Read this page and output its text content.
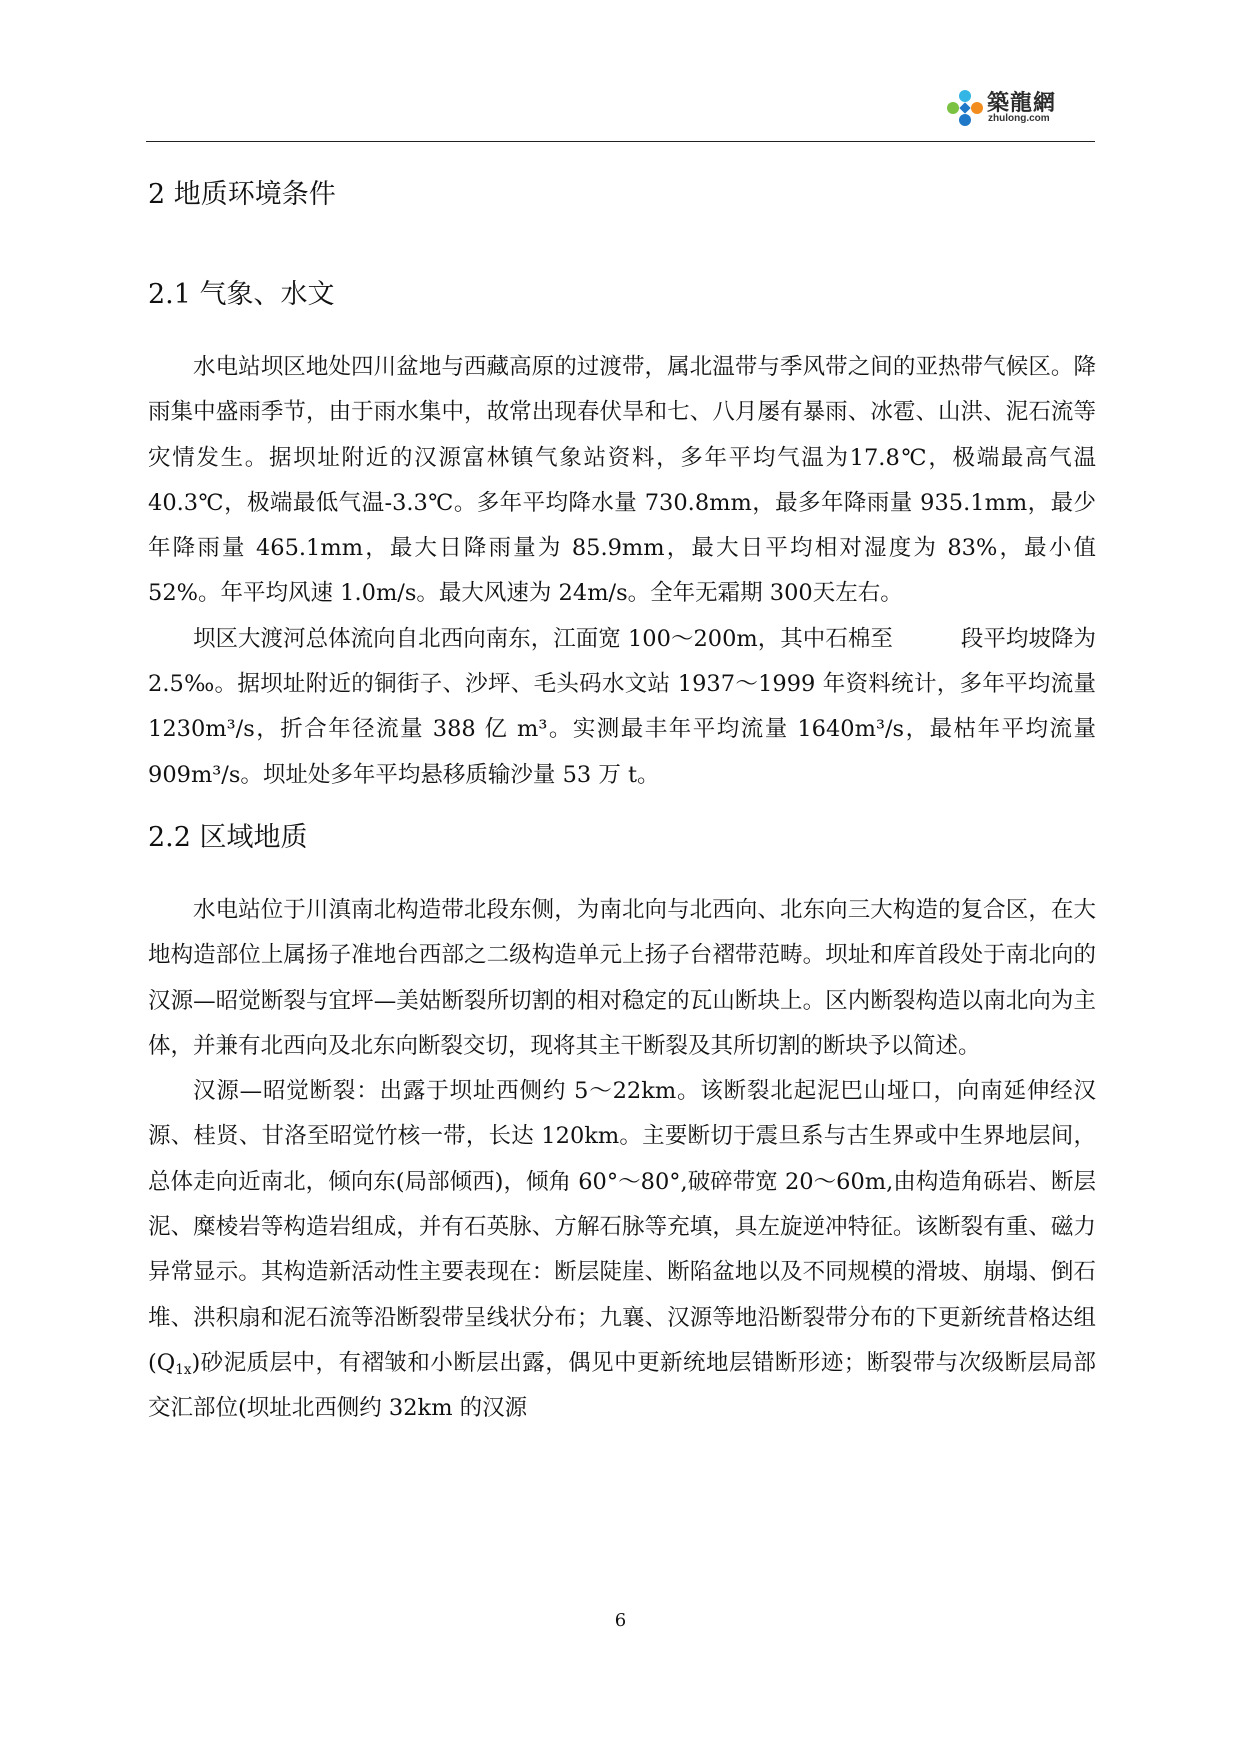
築龍網
zhulong.com
2 地质环境条件
2.1 气象、水文

水电站坝区地处四川盆地与西藏高原的过渡带，属北温带与季风带之间的亚热带气候区。降雨集中盛雨季节，由于雨水集中，故常出现春伏旱和七、八月屡有暴雨、冰雹、山洪、泥石流等灾情发生。据坝址附近的汉源富林镇气象站资料，多年平均气温为17.8℃，极端最高气温 40.3℃，极端最低气温-3.3℃。多年平均降水量 730.8mm，最多年降雨量 935.1mm，最少年降雨量 465.1mm，最大日降雨量为 85.9mm，最大日平均相对湿度为 83%，最小值 52%。年平均风速 1.0m/s。最大风速为 24m/s。全年无霜期 300天左右。

坝区大渡河总体流向自北西向南东，江面宽 100～200m，其中石棉至	段平均坡降为 2.5‰。据坝址附近的铜街子、沙坪、毛头码水文站 1937～1999 年资料统计，多年平均流量 1230m³/s，折合年径流量 388 亿 m³。实测最丰年平均流量 1640m³/s，最枯年平均流量 909m³/s。坝址处多年平均悬移质输沙量 53 万 t。

2.2 区域地质

水电站位于川滇南北构造带北段东侧，为南北向与北西向、北东向三大构造的复合区，在大地构造部位上属扬子准地台西部之二级构造单元上扬子台褶带范畴。坝址和库首段处于南北向的汉源—昭觉断裂与宜坪—美姑断裂所切割的相对稳定的瓦山断块上。区内断裂构造以南北向为主体，并兼有北西向及北东向断裂交切，现将其主干断裂及其所切割的断块予以简述。

汉源—昭觉断裂：出露于坝址西侧约 5～22km。该断裂北起泥巴山垭口，向南延伸经汉源、桂贤、甘洛至昭觉竹核一带，长达 120km。主要断切于震旦系与古生界或中生界地层间，总体走向近南北，倾向东(局部倾西)，倾角 60°～80°,破碎带宽 20～60m,由构造角砾岩、断层泥、糜棱岩等构造岩组成，并有石英脉、方解石脉等充填，具左旋逆冲特征。该断裂有重、磁力异常显示。其构造新活动性主要表现在：断层陡崖、断陷盆地以及不同规模的滑坡、崩塌、倒石堆、洪积扇和泥石流等沿断裂带呈线状分布；九襄、汉源等地沿断裂带分布的下更新统昔格达组$(Q_{1x})$砂泥质层中，有褶皱和小断层出露，偶见中更新统地层错断形迹；断裂带与次级断层局部交汇部位(坝址北西侧约 32km 的汉源

6
